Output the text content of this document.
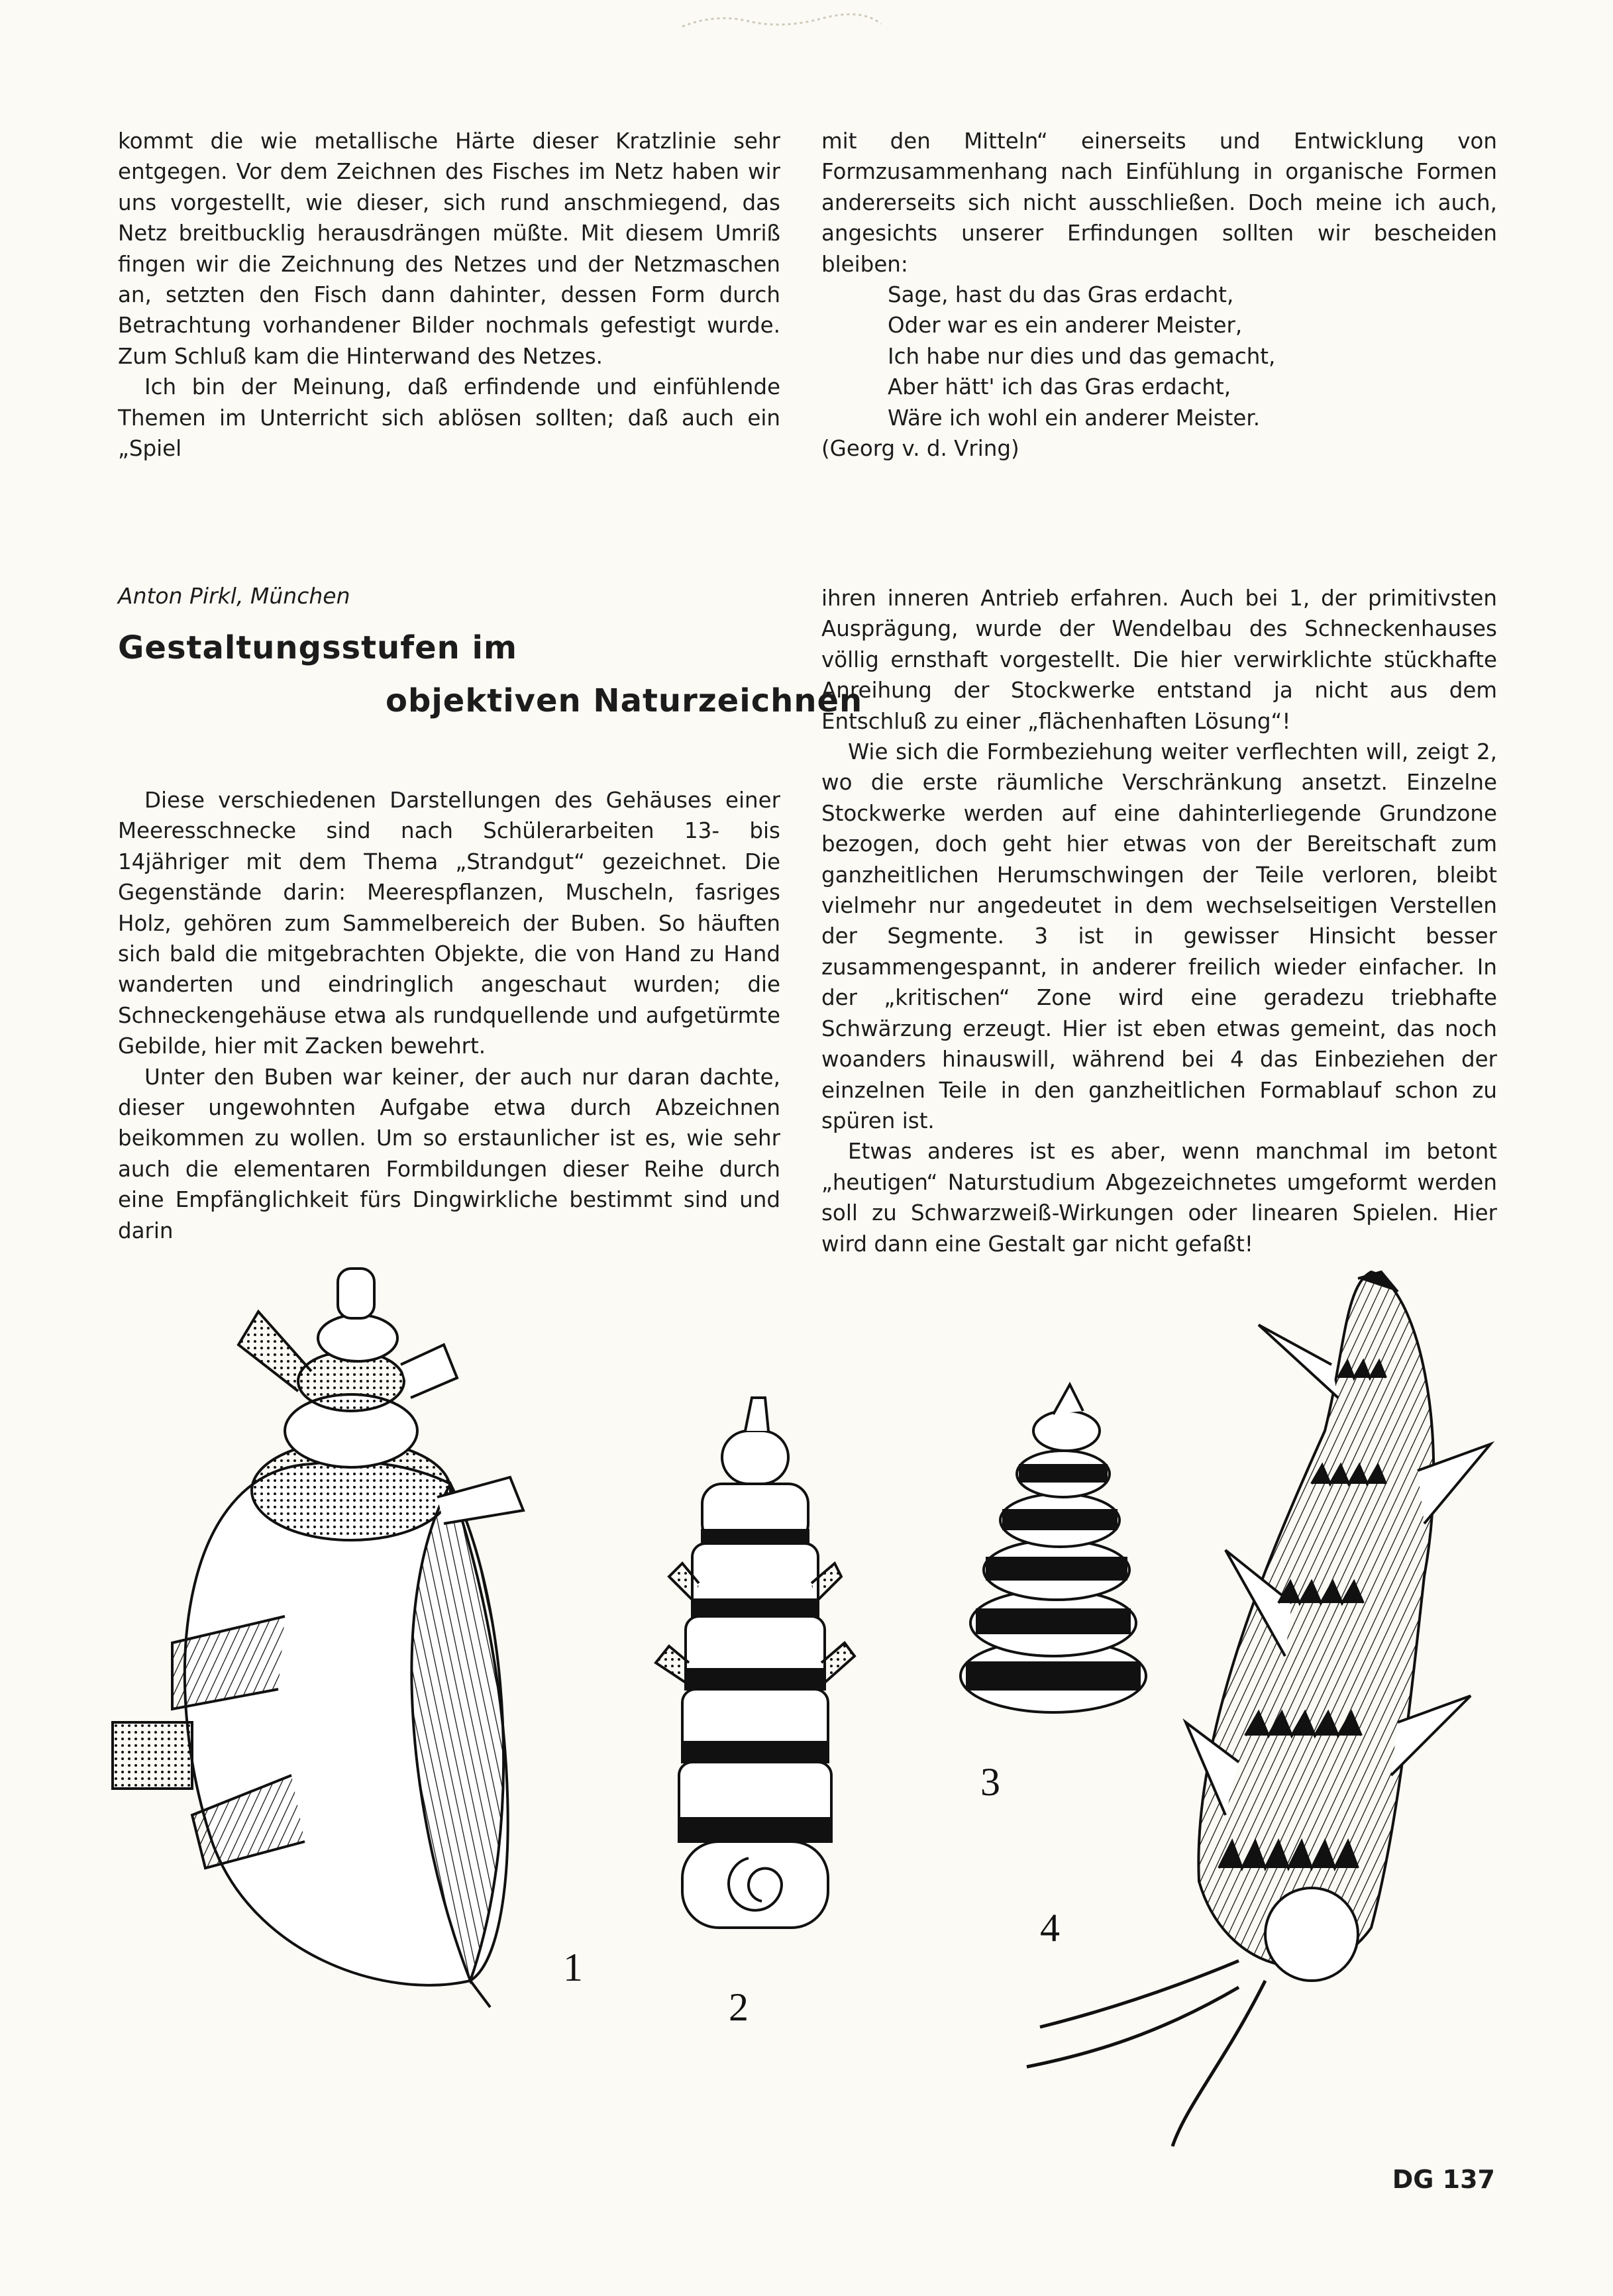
kommt die wie metallische Härte dieser Kratzlinie sehr entgegen. Vor dem Zeichnen des Fisches im Netz haben wir uns vorgestellt, wie dieser, sich rund anschmiegend, das Netz breitbucklig herausdrängen müßte. Mit diesem Umriß fingen wir die Zeichnung des Netzes und der Netzmaschen an, setzten den Fisch dann dahinter, dessen Form durch Betrachtung vorhandener Bilder nochmals gefestigt wurde. Zum Schluß kam die Hinterwand des Netzes.

Ich bin der Meinung, daß erfindende und einfühlende Themen im Unterricht sich ablösen sollten; daß auch ein „Spiel

mit den Mitteln“ einerseits und Entwicklung von Formzusammenhang nach Einfühlung in organische Formen andererseits sich nicht ausschließen. Doch meine ich auch, angesichts unserer Erfindungen sollten wir bescheiden bleiben:

Sage, hast du das Gras erdacht,
Oder war es ein anderer Meister,
Ich habe nur dies und das gemacht,
Aber hätt' ich das Gras erdacht,
Wäre ich wohl ein anderer Meister.

(Georg v. d. Vring)

Anton Pirkl, München
Gestaltungsstufen im
objektiven Naturzeichnen

Diese verschiedenen Darstellungen des Gehäuses einer Meeresschnecke sind nach Schülerarbeiten 13- bis 14jähriger mit dem Thema „Strandgut“ gezeichnet. Die Gegenstände darin: Meerespflanzen, Muscheln, fasriges Holz, gehören zum Sammelbereich der Buben. So häuften sich bald die mitgebrachten Objekte, die von Hand zu Hand wanderten und eindringlich angeschaut wurden; die Schneckengehäuse etwa als rundquellende und aufgetürmte Gebilde, hier mit Zacken bewehrt.

Unter den Buben war keiner, der auch nur daran dachte, dieser ungewohnten Aufgabe etwa durch Abzeichnen beikommen zu wollen. Um so erstaunlicher ist es, wie sehr auch die elementaren Formbildungen dieser Reihe durch eine Empfänglichkeit fürs Dingwirkliche bestimmt sind und darin

ihren inneren Antrieb erfahren. Auch bei 1, der primitivsten Ausprägung, wurde der Wendelbau des Schneckenhauses völlig ernsthaft vorgestellt. Die hier verwirklichte stückhafte Anreihung der Stockwerke entstand ja nicht aus dem Entschluß zu einer „flächenhaften Lösung“!

Wie sich die Formbeziehung weiter verflechten will, zeigt 2, wo die erste räumliche Verschränkung ansetzt. Einzelne Stockwerke werden auf eine dahinterliegende Grundzone bezogen, doch geht hier etwas von der Bereitschaft zum ganzheitlichen Herumschwingen der Teile verloren, bleibt vielmehr nur angedeutet in dem wechselseitigen Verstellen der Segmente. 3 ist in gewisser Hinsicht besser zusammengespannt, in anderer freilich wieder einfacher. In der „kritischen“ Zone wird eine geradezu triebhafte Schwärzung erzeugt. Hier ist eben etwas gemeint, das noch woanders hinauswill, während bei 4 das Einbeziehen der einzelnen Teile in den ganzheitlichen Formablauf schon zu spüren ist.

Etwas anderes ist es aber, wenn manchmal im betont „heutigen“ Naturstudium Abgezeichnetes umgeformt werden soll zu Schwarzweiß-Wirkungen oder linearen Spielen. Hier wird dann eine Gestalt gar nicht gefaßt!

1
2
3
4
DG 137
